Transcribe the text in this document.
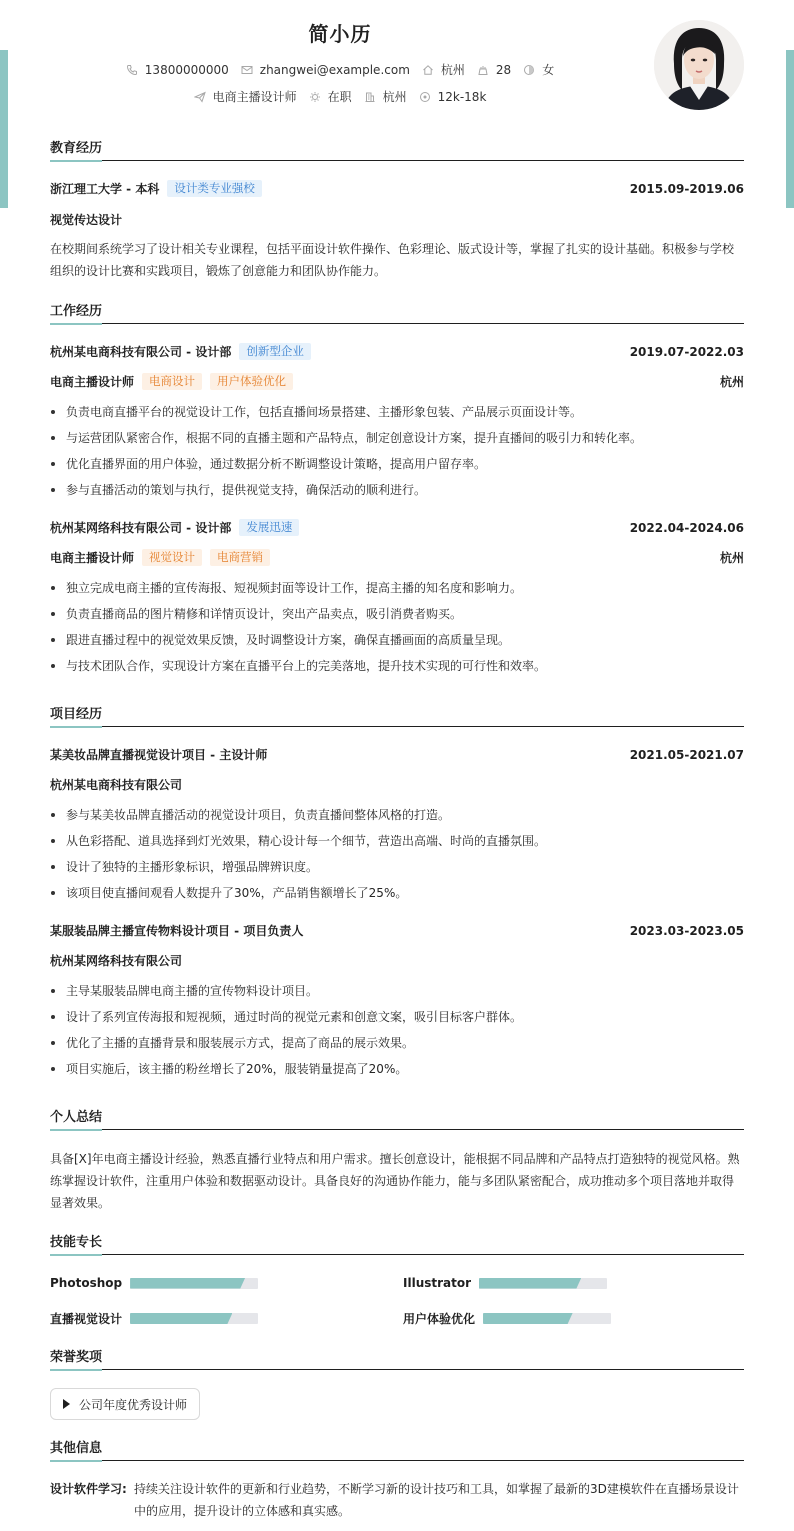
简小历
13800000000	zhangwei@example.com	杭州	28	女
电商主播设计师	在职	杭州	12k-18k
教育经历
浙江理工大学 - 本科	设计类专业强校	2015.09-2019.06
视觉传达设计
在校期间系统学习了设计相关专业课程，包括平面设计软件操作、色彩理论、版式设计等，掌握了扎实的设计基础。积极参与学校组织的设计比赛和实践项目，锻炼了创意能力和团队协作能力。
工作经历
杭州某电商科技有限公司 - 设计部	创新型企业	2019.07-2022.03
电商主播设计师	电商设计	用户体验优化	杭州
负责电商直播平台的视觉设计工作，包括直播间场景搭建、主播形象包装、产品展示页面设计等。
与运营团队紧密合作，根据不同的直播主题和产品特点，制定创意设计方案，提升直播间的吸引力和转化率。
优化直播界面的用户体验，通过数据分析不断调整设计策略，提高用户留存率。
参与直播活动的策划与执行，提供视觉支持，确保活动的顺利进行。
杭州某网络科技有限公司 - 设计部	发展迅速	2022.04-2024.06
电商主播设计师	视觉设计	电商营销	杭州
独立完成电商主播的宣传海报、短视频封面等设计工作，提高主播的知名度和影响力。
负责直播商品的图片精修和详情页设计，突出产品卖点，吸引消费者购买。
跟进直播过程中的视觉效果反馈，及时调整设计方案，确保直播画面的高质量呈现。
与技术团队合作，实现设计方案在直播平台上的完美落地，提升技术实现的可行性和效率。
项目经历
某美妆品牌直播视觉设计项目 - 主设计师	2021.05-2021.07
杭州某电商科技有限公司
参与某美妆品牌直播活动的视觉设计项目，负责直播间整体风格的打造。
从色彩搭配、道具选择到灯光效果，精心设计每一个细节，营造出高端、时尚的直播氛围。
设计了独特的主播形象标识，增强品牌辨识度。
该项目使直播间观看人数提升了30%，产品销售额增长了25%。
某服装品牌主播宣传物料设计项目 - 项目负责人	2023.03-2023.05
杭州某网络科技有限公司
主导某服装品牌电商主播的宣传物料设计项目。
设计了系列宣传海报和短视频，通过时尚的视觉元素和创意文案，吸引目标客户群体。
优化了主播的直播背景和服装展示方式，提高了商品的展示效果。
项目实施后，该主播的粉丝增长了20%，服装销量提高了20%。
个人总结
具备[X]年电商主播设计经验，熟悉直播行业特点和用户需求。擅长创意设计，能根据不同品牌和产品特点打造独特的视觉风格。熟练掌握设计软件，注重用户体验和数据驱动设计。具备良好的沟通协作能力，能与多团队紧密配合，成功推动多个项目落地并取得显著效果。
技能专长
Photoshop	Illustrator
直播视觉设计	用户体验优化
荣誉奖项
公司年度优秀设计师
其他信息
设计软件学习: 持续关注设计软件的更新和行业趋势，不断学习新的设计技巧和工具，如掌握了最新的3D建模软件在直播场景设计中的应用，提升设计的立体感和真实感。
